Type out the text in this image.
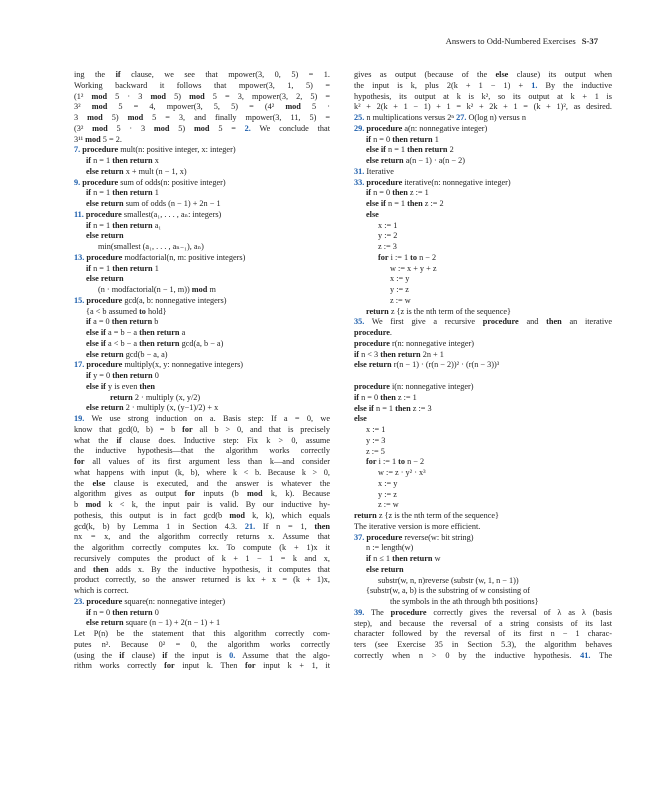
Answers to Odd-Numbered Exercises S-37

ing the if clause, we see that mpower(3, 0, 5) = 1.

Working backward it follows that mpower(3, 1, 5) =

(1² mod 5 · 3 mod 5) mod 5 = 3, mpower(3, 2, 5) =

3² mod 5 = 4, mpower(3, 5, 5) = (4² mod 5 ·

3 mod 5) mod 5 = 3, and finally mpower(3, 11, 5) =

(3² mod 5 · 3 mod 5) mod 5 = 2. We conclude that

3¹¹ mod 5 = 2.

7. procedure mult(n: positive integer, x: integer)

if n = 1 then return x

else return x + mult (n − 1, x)

9. procedure sum of odds(n: positive integer)

if n = 1 then return 1

else return sum of odds (n − 1) + 2n − 1

11. procedure smallest(a₁, . . . , aₙ: integers)

if n = 1 then return a₁

else return

min(smallest (a₁, . . . , aₙ₋₁), aₙ)

13. procedure modfactorial(n, m: positive integers)

if n = 1 then return 1

else return

(n · modfactorial(n − 1, m)) mod m

15. procedure gcd(a, b: nonnegative integers)

{a < b assumed to hold}

if a = 0 then return b

else if a = b − a then return a

else if a < b − a then return gcd(a, b − a)

else return gcd(b − a, a)

17. procedure multiply(x, y: nonnegative integers)

if y = 0 then return 0

else if y is even then

return 2 · multiply (x, y/2)

else return 2 · multiply (x, (y−1)/2) + x

19. We use strong induction on a. Basis step: If a = 0, we

know that gcd(0, b) = b for all b > 0, and that is precisely

what the if clause does. Inductive step: Fix k > 0, assume

the inductive hypothesis—that the algorithm works correctly

for all values of its first argument less than k—and consider

what happens with input (k, b), where k < b. Because k > 0,

the else clause is executed, and the answer is whatever the

algorithm gives as output for inputs (b mod k, k). Because

b mod k < k, the input pair is valid. By our inductive hy-

pothesis, this output is in fact gcd(b mod k, k), which equals

gcd(k, b) by Lemma 1 in Section 4.3. 21. If n = 1, then

nx = x, and the algorithm correctly returns x. Assume that

the algorithm correctly computes kx. To compute (k + 1)x it

recursively computes the product of k + 1 − 1 = k and x,

and then adds x. By the inductive hypothesis, it computes that

product correctly, so the answer returned is kx + x = (k + 1)x,

which is correct.

23. procedure square(n: nonnegative integer)

if n = 0 then return 0

else return square (n − 1) + 2(n − 1) + 1

Let P(n) be the statement that this algorithm correctly com-

putes n². Because 0² = 0, the algorithm works correctly

(using the if clause) if the input is 0. Assume that the algo-

rithm works correctly for input k. Then for input k + 1, it

gives as output (because of the else clause) its output when

the input is k, plus 2(k + 1 − 1) + 1. By the inductive

hypothesis, its output at k is k², so its output at k + 1 is

k² + 2(k + 1 − 1) + 1 = k² + 2k + 1 = (k + 1)², as desired.

25. n multiplications versus 2ⁿ 27. O(log n) versus n

29. procedure a(n: nonnegative integer)

if n = 0 then return 1

else if n = 1 then return 2

else return a(n − 1) · a(n − 2)

31. Iterative

33. procedure iterative(n: nonnegative integer)

if n = 0 then z := 1

else if n = 1 then z := 2

else

x := 1

y := 2

z := 3

for i := 1 to n − 2

w := x + y + z

x := y

y := z

z := w

return z {z is the nth term of the sequence}

35. We first give a recursive procedure and then an iterative

procedure.

procedure r(n: nonnegative integer)

if n < 3 then return 2n + 1

else return r(n − 1) · (r(n − 2))² · (r(n − 3))³

procedure i(n: nonnegative integer)

if n = 0 then z := 1

else if n = 1 then z := 3

else

x := 1

y := 3

z := 5

for i := 1 to n − 2

w := z · y² · x³

x := y

y := z

z := w

return z {z is the nth term of the sequence}

The iterative version is more efficient.

37. procedure reverse(w: bit string)

n := length(w)

if n ≤ 1 then return w

else return

substr(w, n, n)reverse (substr (w, 1, n − 1))

{substr(w, a, b) is the substring of w consisting of

the symbols in the ath through bth positions}

39. The procedure correctly gives the reversal of λ as λ (basis

step), and because the reversal of a string consists of its last

character followed by the reversal of its first n − 1 charac-

ters (see Exercise 35 in Section 5.3), the algorithm behaves

correctly when n > 0 by the inductive hypothesis. 41. The
